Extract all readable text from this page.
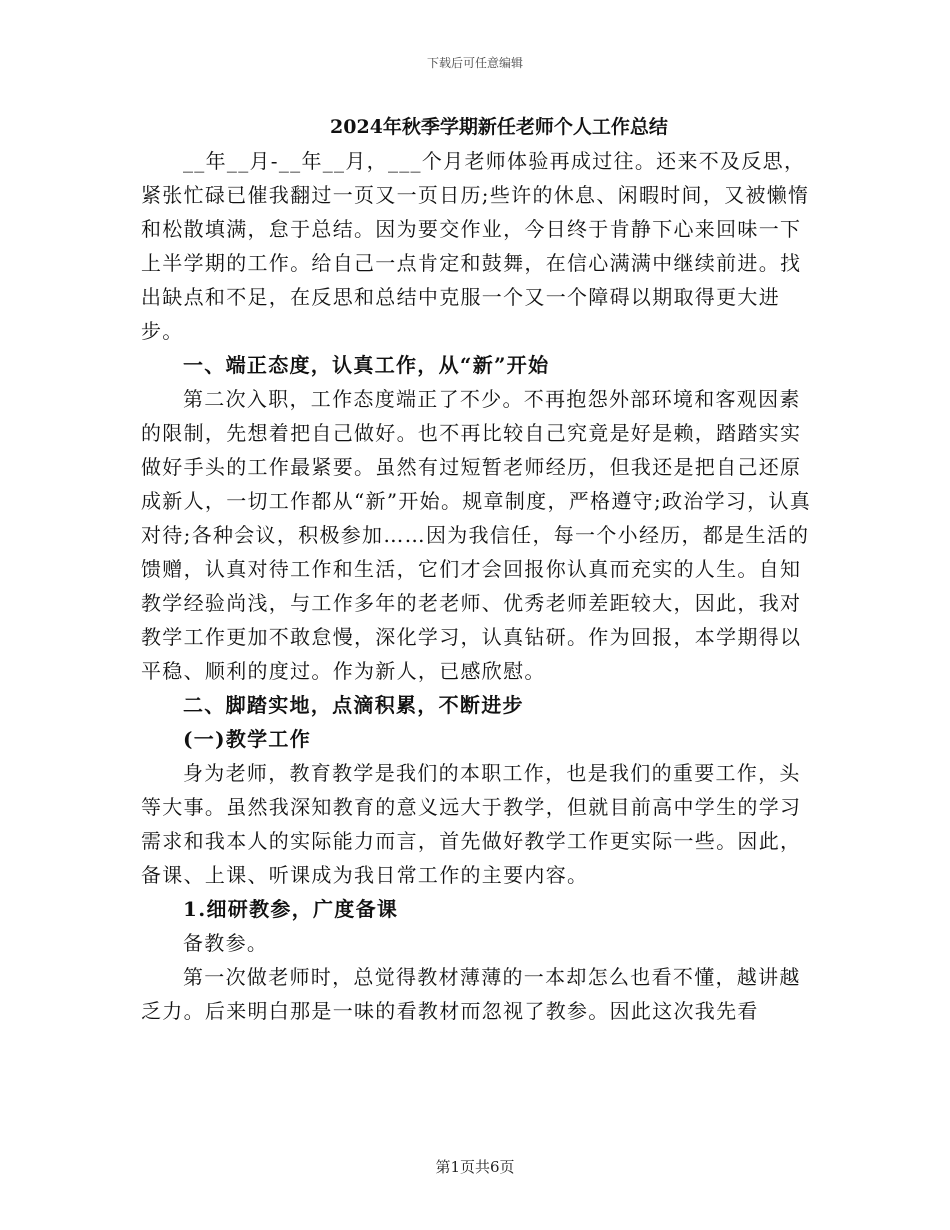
下载后可任意编辑
2024年秋季学期新任老师个人工作总结

__年__月-__年__月，___个月老师体验再成过往。还来不及反思，紧张忙碌已催我翻过一页又一页日历;些许的休息、闲暇时间，又被懒惰和松散填满，怠于总结。因为要交作业，今日终于肯静下心来回味一下上半学期的工作。给自己一点肯定和鼓舞，在信心满满中继续前进。找出缺点和不足，在反思和总结中克服一个又一个障碍以期取得更大进步。

一、端正态度，认真工作，从“新”开始

第二次入职，工作态度端正了不少。不再抱怨外部环境和客观因素的限制，先想着把自己做好。也不再比较自己究竟是好是赖，踏踏实实做好手头的工作最紧要。虽然有过短暂老师经历，但我还是把自己还原成新人，一切工作都从“新”开始。规章制度，严格遵守;政治学习，认真对待;各种会议，积极参加……因为我信任，每一个小经历，都是生活的馈赠，认真对待工作和生活，它们才会回报你认真而充实的人生。自知教学经验尚浅，与工作多年的老老师、优秀老师差距较大，因此，我对教学工作更加不敢怠慢，深化学习，认真钻研。作为回报，本学期得以平稳、顺利的度过。作为新人，已感欣慰。

二、脚踏实地，点滴积累，不断进步

(一)教学工作

身为老师，教育教学是我们的本职工作，也是我们的重要工作，头等大事。虽然我深知教育的意义远大于教学，但就目前高中学生的学习需求和我本人的实际能力而言，首先做好教学工作更实际一些。因此，备课、上课、听课成为我日常工作的主要内容。

1.细研教参，广度备课

备教参。

第一次做老师时，总觉得教材薄薄的一本却怎么也看不懂，越讲越乏力。后来明白那是一味的看教材而忽视了教参。因此这次我先看

第1页共6页
